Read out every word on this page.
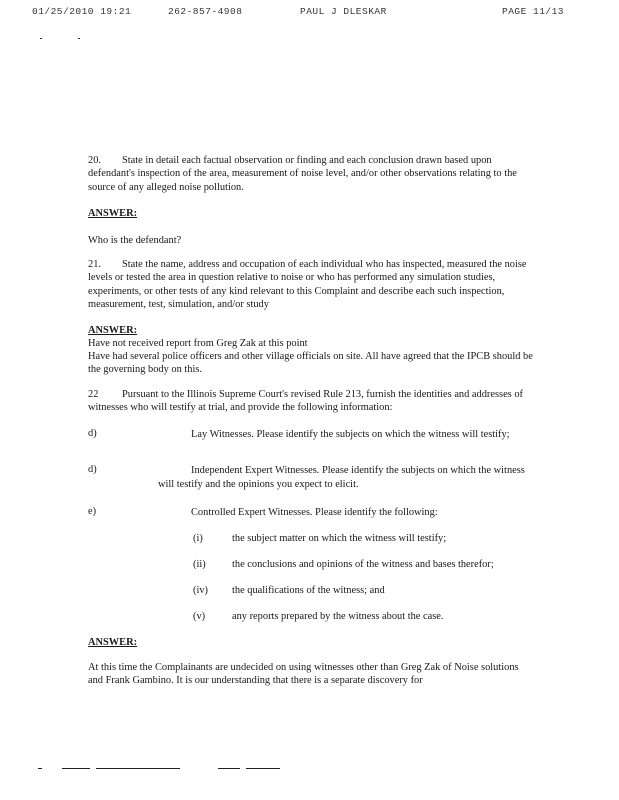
01/25/2010 19:21	262-857-4908	PAUL J DLESKAR	PAGE 11/13
20. State in detail each factual observation or finding and each conclusion drawn based upon defendant's inspection of the area, measurement of noise level, and/or other observations relating to the source of any alleged noise pollution.
ANSWER:
Who is the defendant?
21. State the name, address and occupation of each individual who has inspected, measured the noise levels or tested the area in question relative to noise or who has performed any simulation studies, experiments, or other tests of any kind relevant to this Complaint and describe each such inspection, measurement, test, simulation, and/or study
ANSWER:
Have not received report from Greg Zak at this point
Have had several police officers and other village officials on site. All have agreed that the IPCB should be the governing body on this.
22 Pursuant to the Illinois Supreme Court's revised Rule 213, furnish the identities and addresses of witnesses who will testify at trial, and provide the following information:
d)	Lay Witnesses. Please identify the subjects on which the witness will testify;
d)	Independent Expert Witnesses. Please identify the subjects on which the witness will testify and the opinions you expect to elicit.
e)	Controlled Expert Witnesses. Please identify the following:
(i)	the subject matter on which the witness will testify;
(ii)	the conclusions and opinions of the witness and bases therefor;
(iv) the qualifications of the witness; and
(v)	any reports prepared by the witness about the case.
ANSWER:
At this time the Complainants are undecided on using witnesses other than Greg Zak of Noise solutions and Frank Gambino. It is our understanding that there is a separate discovery for
